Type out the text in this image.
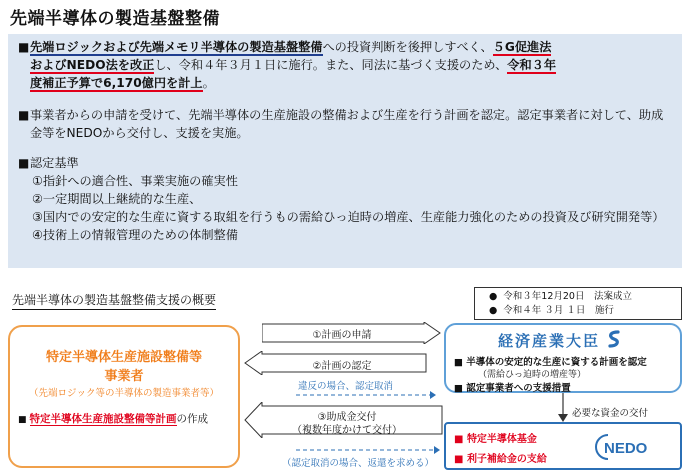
先端半導体の製造基盤整備
■ 先端ロジックおよび先端メモリ半導体の製造基盤整備への投資判断を後押しすべく、５G促進法
およびNEDO法を改正し、令和４年３月１日に施行。また、同法に基づく支援のため、令和３年
度補正予算で6,170億円を計上。
■ 事業者からの申請を受けて、先端半導体の生産施設の整備および生産を行う計画を認定。認定事業者に対して、助成金等をNEDOから交付し、支援を実施。
■ 認定基準
①指針への適合性、事業実施の確実性
②一定期間以上継続的な生産、
③国内での安定的な生産に資する取組を行うもの需給ひっ迫時の増産、生産能力強化のための投資及び研究開発等）
④技術上の情報管理のための体制整備
先端半導体の製造基盤整備支援の概要	● 令和３年12月20日　法案成立
● 令和４年 ３月 １日　施行
特定半導体生産施設整備等
事業者
（先端ロジック等の半導体の製造事業者等）
■ 特定半導体生産施設整備等計画の作成
経済産業大臣
■ 半導体の安定的な生産に資する計画を認定
（需給ひっ迫時の増産等）
■ 認定事業者への支援措置
■ 特定半導体基金
■ 利子補給金の支給
NEDO
①計画の申請
②計画の認定
違反の場合、認定取消
③助成金交付
（複数年度かけて交付）
（認定取消の場合、返還を求める）
必要な資金の交付
